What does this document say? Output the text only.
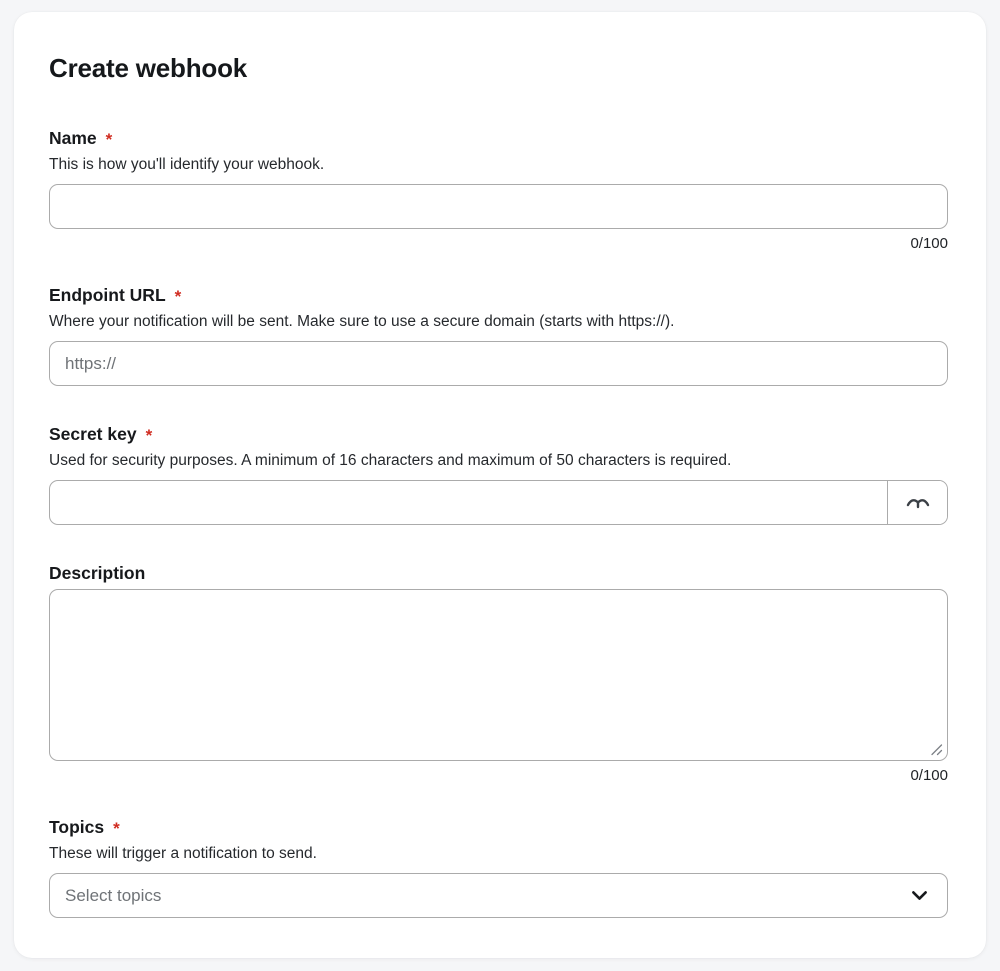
Create webhook
Name *
This is how you'll identify your webhook.
0/100
Endpoint URL *
Where your notification will be sent. Make sure to use a secure domain (starts with https://).
https://
Secret key *
Used for security purposes. A minimum of 16 characters and maximum of 50 characters is required.
Description
0/100
Topics *
These will trigger a notification to send.
Select topics
